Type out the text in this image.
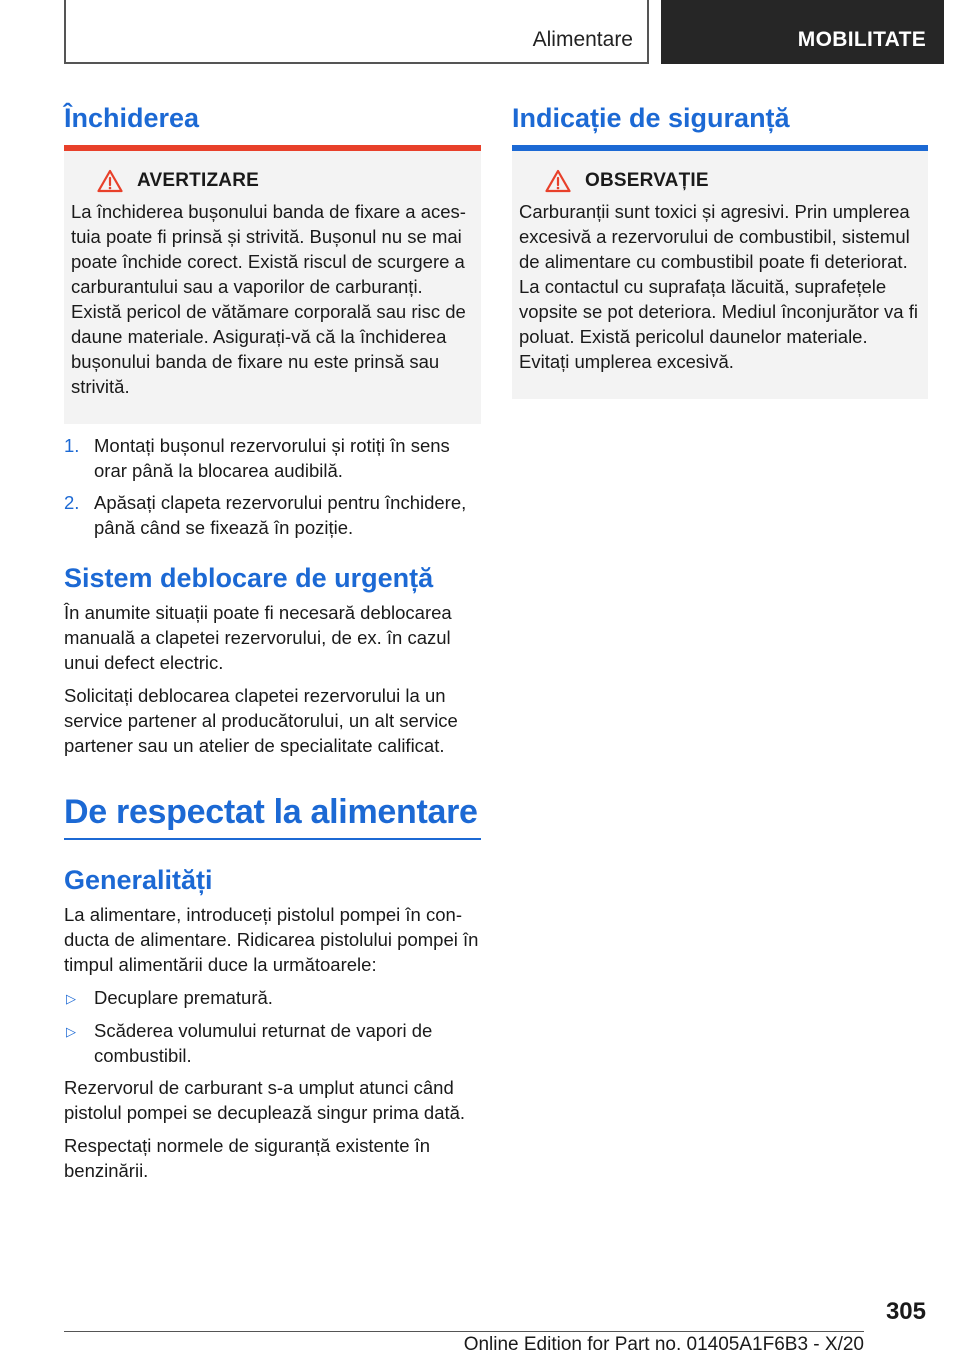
Alimentare	MOBILITATE
Închiderea
AVERTIZARE

La închiderea bușonului banda de fixare a acestuia poate fi prinsă și strivită. Bușonul nu se mai poate închide corect. Există riscul de scurgere a carburantului sau a vaporilor de carburanți. Există pericol de vătămare corporală sau risc de daune materiale. Asigurați-vă că la închiderea bușonului banda de fixare nu este prinsă sau strivită.

1. Montați bușonul rezervorului și rotiți în sens orar până la blocarea audibilă.
2. Apăsați clapeta rezervorului pentru închidere, până când se fixează în poziție.
Sistem deblocare de urgență

În anumite situații poate fi necesară deblocarea manuală a clapetei rezervorului, de ex. în cazul unui defect electric.

Solicitați deblocarea clapetei rezervorului la un service partener al producătorului, un alt service partener sau un atelier de specialitate calificat.

De respectat la alimentare
Generalități

La alimentare, introduceți pistolul pompei în conducta de alimentare. Ridicarea pistolului pompei în timpul alimentării duce la următoarele:

▷ Decuplare prematură.
▷ Scăderea volumului returnat de vapori de combustibil.

Rezervorul de carburant s-a umplut atunci când pistolul pompei se decuplează singur prima dată.

Respectați normele de siguranță existente în benzinării.

Indicație de siguranță
OBSERVAȚIE

Carburanții sunt toxici și agresivi. Prin umplerea excesivă a rezervorului de combustibil, sistemul de alimentare cu combustibil poate fi deteriorat. La contactul cu suprafața lăcuită, suprafețele vopsite se pot deteriora. Mediul înconjurător va fi poluat. Există pericolul daunelor materiale. Evitați umplerea excesivă.

305
Online Edition for Part no. 01405A1F6B3 - X/20
